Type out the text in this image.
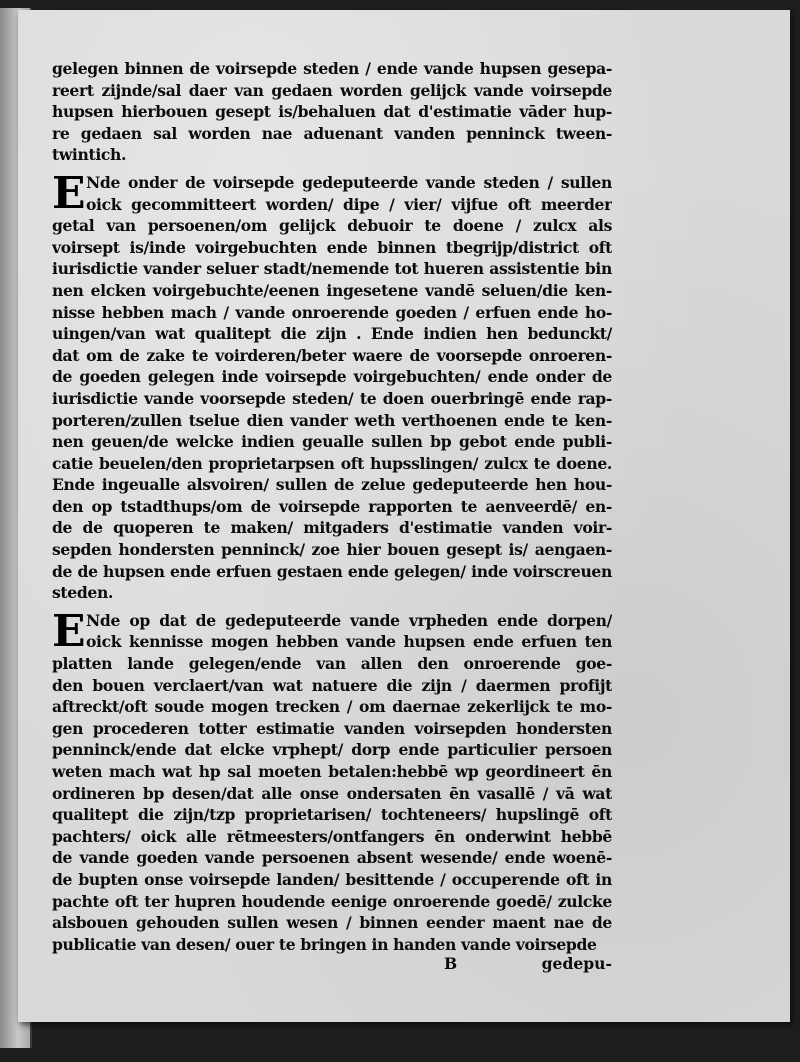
gelegen binnen de voirsepde steden / ende vande hupsen gesepa-
reert zijnde/sal daer van gedaen worden gelijck vande voirsepde
hupsen hierbouen gesept is/behaluen dat d'estimatie vāder hup-
re gedaen sal worden nae aduenant vanden penninck tween-
twintich.
E Nde onder de voirsepde gedeputeerde vande steden / sullen
oick gecommitteert worden/ dipe / vier/ vijfue oft meerder
getal van persoenen/om gelijck debuoir te doene / zulcx als
voirsept is/inde voirgebuchten ende binnen tbegrijp/district oft
iurisdictie vander seluer stadt/nemende tot hueren assistentie bin
nen elcken voirgebuchte/eenen ingesetene vandē seluen/die ken-
nisse hebben mach / vande onroerende goeden / erfuen ende ho-
uingen/van wat qualitept die zijn . Ende indien hen bedunckt/
dat om de zake te voirderen/beter waere de voorsepde onroeren-
de goeden gelegen inde voirsepde voirgebuchten/ ende onder de
iurisdictie vande voorsepde steden/ te doen ouerbringē ende rap-
porteren/zullen tselue dien vander weth verthoenen ende te ken-
nen geuen/de welcke indien geualle sullen bp gebot ende publi-
catie beuelen/den proprietarpsen oft hupsslingen/ zulcx te doene.
Ende ingeualle alsvoiren/ sullen de zelue gedeputeerde hen hou-
den op tstadthups/om de voirsepde rapporten te aenveerdē/ en-
de de quoperen te maken/ mitgaders d'estimatie vanden voir-
sepden hondersten penninck/ zoe hier bouen gesept is/ aengaen-
de de hupsen ende erfuen gestaen ende gelegen/ inde voirscreuen
steden.
E Nde op dat de gedeputeerde vande vrpheden ende dorpen/
oick kennisse mogen hebben vande hupsen ende erfuen ten
platten lande gelegen/ende van allen den onroerende goe-
den bouen verclaert/van wat natuere die zijn / daermen profijt
aftreckt/oft soude mogen trecken / om daernae zekerlijck te mo-
gen procederen totter estimatie vanden voirsepden hondersten
penninck/ende dat elcke vrphept/ dorp ende particulier persoen
weten mach wat hp sal moeten betalen:hebbē wp geordineert ēn
ordineren bp desen/dat alle onse ondersaten ēn vasallē / vā wat
qualitept die zijn/tzp proprietarisen/ tochteneers/ hupslingē oft
pachters/ oick alle rētmeesters/ontfangers ēn onderwint hebbē
de vande goeden vande persoenen absent wesende/ ende woenē-
de bupten onse voirsepde landen/ besittende / occuperende oft in
pachte oft ter hupren houdende eenige onroerende goedē/ zulcke
alsbouen gehouden sullen wesen / binnen eender maent nae de
publicatie van desen/ ouer te bringen in handen vande voirsepde
B	gedepu-
